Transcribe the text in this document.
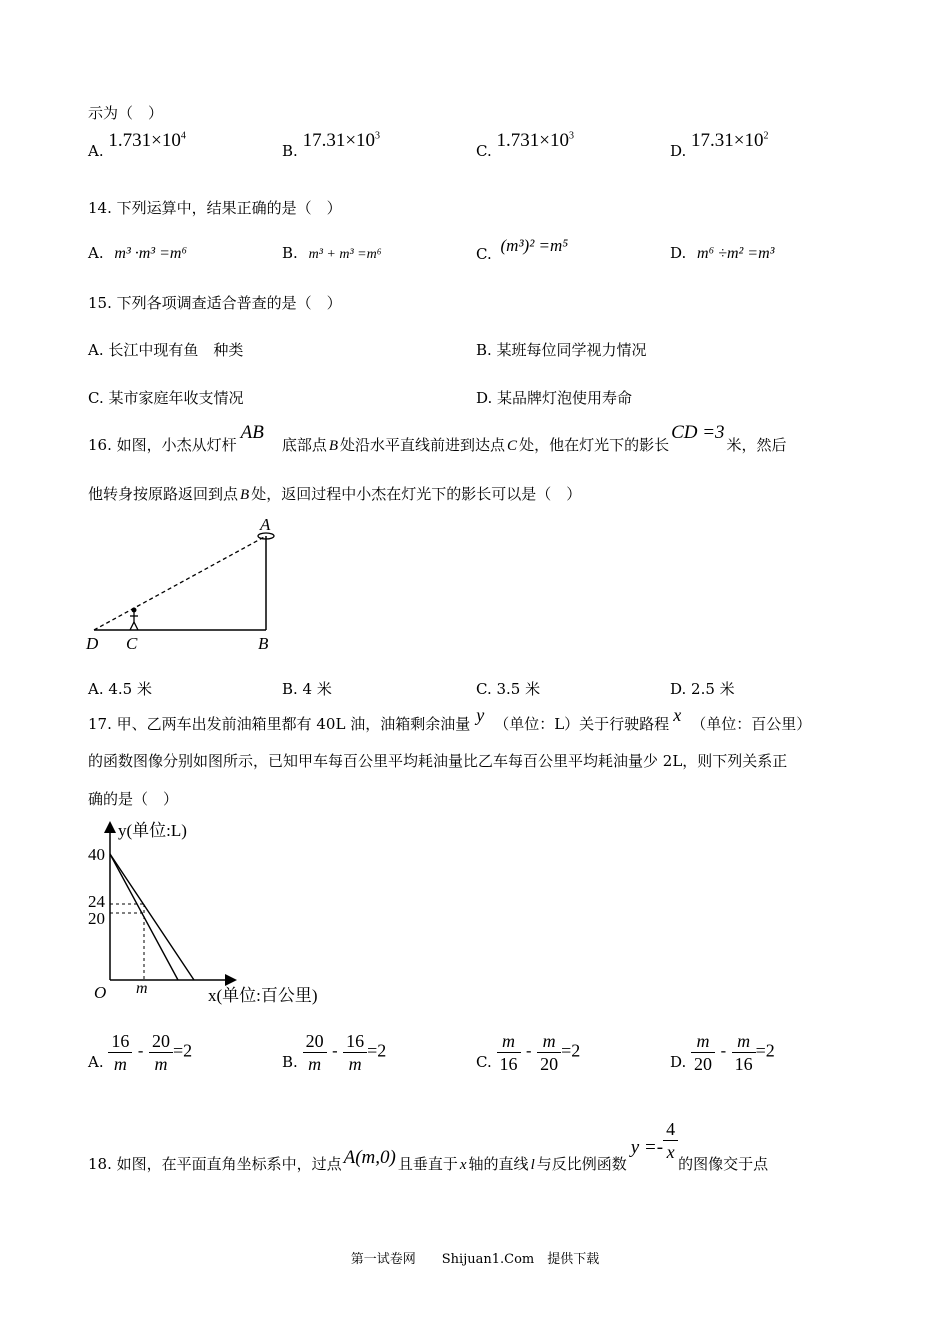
示为（　）
A. $1.731\times 10^4$
B. $17.31\times 10^3$
C. $1.731\times 10^3$
D. $17.31\times 10^2$
14. 下列运算中，结果正确的是（　）
A. m³ ·m³ =m⁶	B. m³ + m³ =m⁶	C. (m³)² =m⁵	D. m⁶ ÷m² =m³
15. 下列各项调查适合普查的是（　）
A. 长江中现有鱼　种类	B. 某班每位同学视力情况
C. 某市家庭年收支情况	D. 某品牌灯泡使用寿命
16. 如图，小杰从灯杆AB底部点 B 处沿水平直线前进到达点 C 处，他在灯光下的影长CD =3米，然后
他转身按原路返回到点 B 处，返回过程中小杰在灯光下的影长可以是（　）
A
B
C
D
A. 4.5 米	B. 4 米	C. 3.5 米	D. 2.5 米
17. 甲、乙两车出发前油箱里都有 40L 油，油箱剩余油量 y （单位：L）关于行驶路程 x （单位：百公里）
的函数图像分别如图所示，已知甲车每百公里平均耗油量比乙车每百公里平均耗油量少 2L，则下列关系正
确的是（　）
y(单位:L)
x(单位:百公里)
O m
40
24
20
A. $\frac{16}{m} - \frac{20}{m} =2$
B. $\frac{20}{m} - \frac{16}{m} =2$
C. $\frac{m}{16} - \frac{m}{20} =2$
D. $\frac{m}{20} - \frac{m}{16} =2$
18. 如图，在平面直角坐标系中，过点 A(m,0) 且垂直于 x 轴的直线 l 与反比例函数$y =- \frac{4}{x}$
的图像交于点
第一试卷网　　Shijuan1.Com　提供下载
